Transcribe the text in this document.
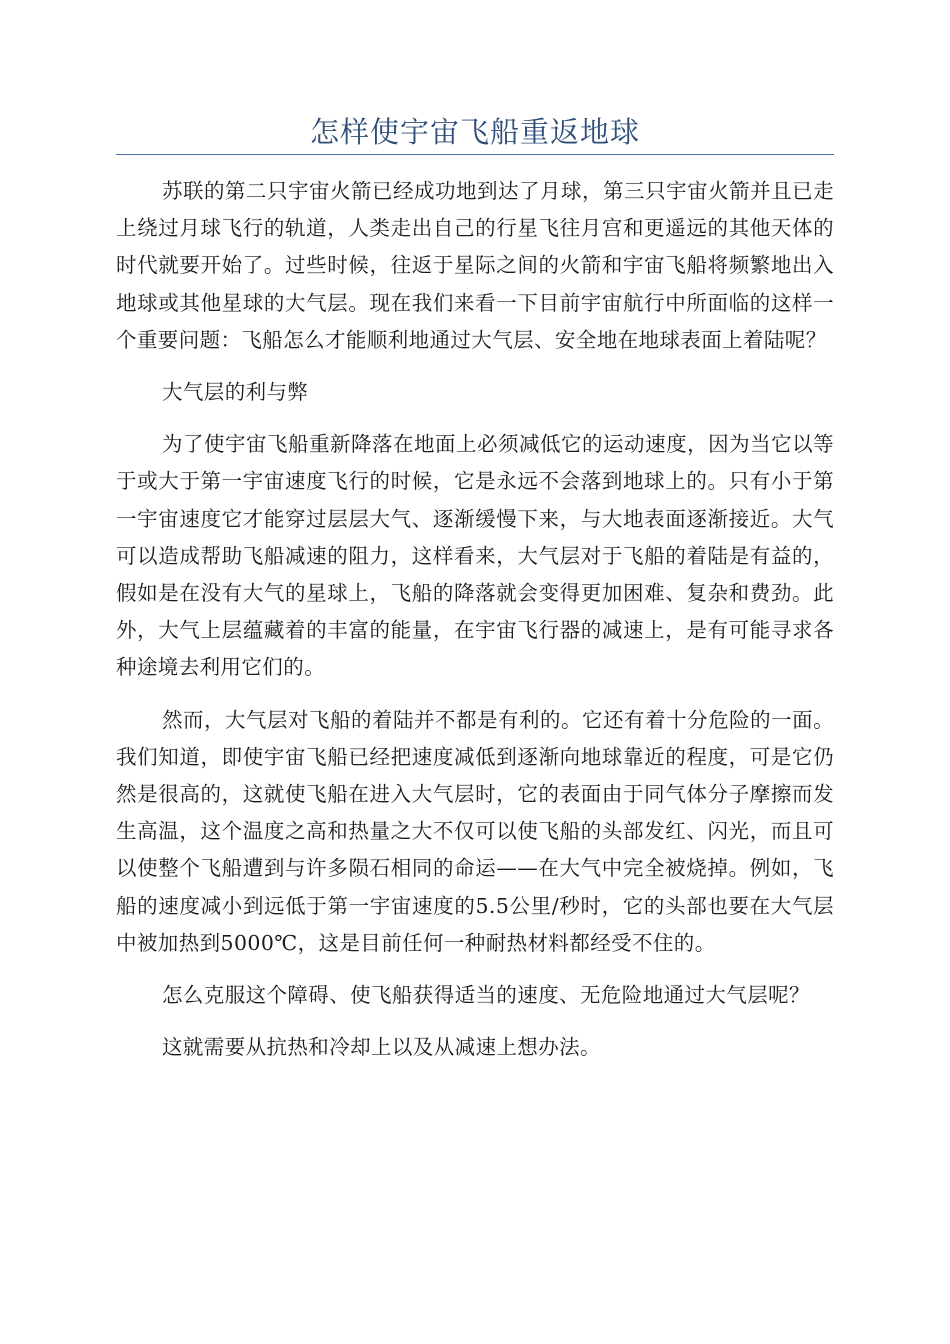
怎样使宇宙飞船重返地球

苏联的第二只宇宙火箭已经成功地到达了月球，第三只宇宙火箭并且已走上绕过月球飞行的轨道，人类走出自己的行星飞往月宫和更遥远的其他天体的时代就要开始了。过些时候，往返于星际之间的火箭和宇宙飞船将频繁地出入地球或其他星球的大气层。现在我们来看一下目前宇宙航行中所面临的这样一个重要问题：飞船怎么才能顺利地通过大气层、安全地在地球表面上着陆呢？

大气层的利与弊

为了使宇宙飞船重新降落在地面上必须减低它的运动速度，因为当它以等于或大于第一宇宙速度飞行的时候，它是永远不会落到地球上的。只有小于第一宇宙速度它才能穿过层层大气、逐渐缓慢下来，与大地表面逐渐接近。大气可以造成帮助飞船减速的阻力，这样看来，大气层对于飞船的着陆是有益的，假如是在没有大气的星球上，飞船的降落就会变得更加困难、复杂和费劲。此外，大气上层蕴藏着的丰富的能量，在宇宙飞行器的减速上，是有可能寻求各种途境去利用它们的。

然而，大气层对飞船的着陆并不都是有利的。它还有着十分危险的一面。我们知道，即使宇宙飞船已经把速度减低到逐渐向地球靠近的程度，可是它仍然是很高的，这就使飞船在进入大气层时，它的表面由于同气体分子摩擦而发生高温，这个温度之高和热量之大不仅可以使飞船的头部发红、闪光，而且可以使整个飞船遭到与许多陨石相同的命运——在大气中完全被烧掉。例如，飞船的速度减小到远低于第一宇宙速度的5.5公里/秒时，它的头部也要在大气层中被加热到5000℃，这是目前任何一种耐热材料都经受不住的。

怎么克服这个障碍、使飞船获得适当的速度、无危险地通过大气层呢？

这就需要从抗热和冷却上以及从减速上想办法。
